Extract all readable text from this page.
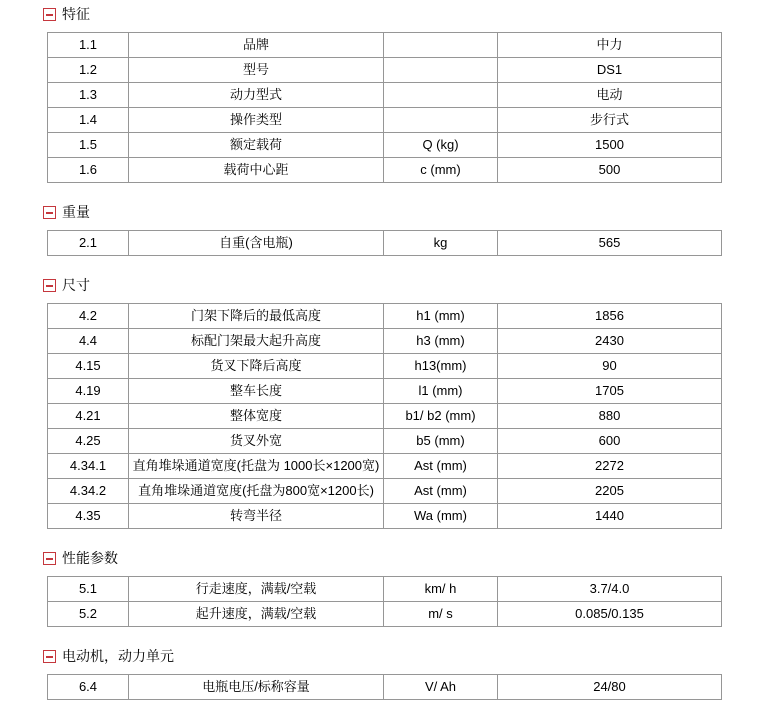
特征
1.1	品牌		中力
1.2	型号		DS1
1.3	动力型式		电动
1.4	操作类型		步行式
1.5	额定载荷	Q (kg)	1500
1.6	载荷中心距	c (mm)	500
重量
2.1	自重(含电瓶)	kg	565
尺寸
4.2	门架下降后的最低高度	h1 (mm)	1856
4.4	标配门架最大起升高度	h3 (mm)	2430
4.15	货叉下降后高度	h13(mm)	90
4.19	整车长度	l1 (mm)	1705
4.21	整体宽度	b1/ b2 (mm)	880
4.25	货叉外宽	b5 (mm)	600
4.34.1	直角堆垛通道宽度(托盘为 1000长×1200宽)	Ast (mm)	2272
4.34.2	直角堆垛通道宽度(托盘为800宽×1200长)	Ast (mm)	2205
4.35	转弯半径	Wa (mm)	1440
性能参数
5.1	行走速度，满载/空载	km/ h	3.7/4.0
5.2	起升速度，满载/空载	m/ s	0.085/0.135
电动机，动力单元
6.4	电瓶电压/标称容量	V/ Ah	24/80
